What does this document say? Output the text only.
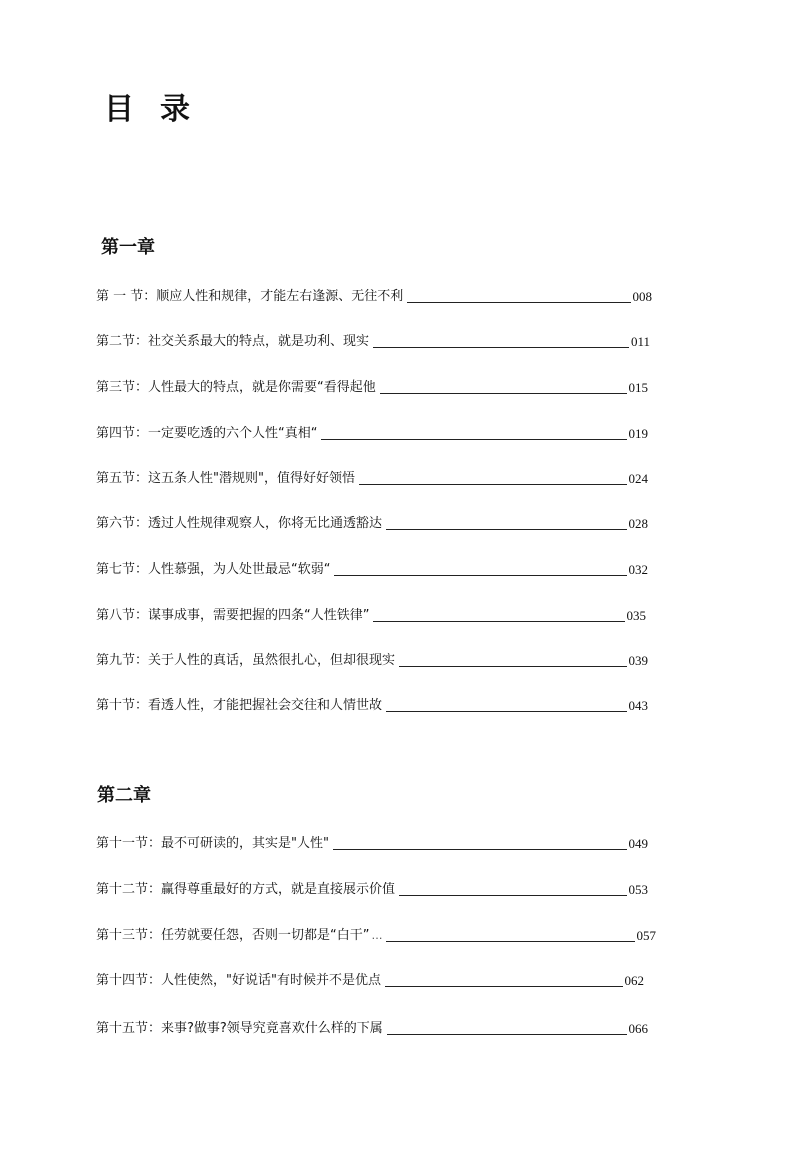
目 录
第一章
第 一 节：顺应人性和规律，才能左右逢源、无往不利	008
第二节：社交关系最大的特点，就是功利、现实	011
第三节：人性最大的特点，就是你需要“看得起他	015
第四节：一定要吃透的六个人性“真相“	019
第五节：这五条人性"潜规则"，值得好好领悟	024
第六节：透过人性规律观察人，你将无比通透豁达	028
第七节：人性慕强，为人处世最忌“软弱“	032
第八节：谋事成事，需要把握的四条“人性铁律”	035
第九节：关于人性的真话，虽然很扎心，但却很现实	039
第十节：看透人性，才能把握社会交往和人情世故	043
第二章
第十一节：最不可研读的，其实是"人性"	049
第十二节：赢得尊重最好的方式，就是直接展示价值	053
第十三节：任劳就要任怨，否则一切都是“白干” …	057
第十四节：人性使然，"好说话"有时候并不是优点	062
第十五节：来事?做事?领导究竟喜欢什么样的下属	066
